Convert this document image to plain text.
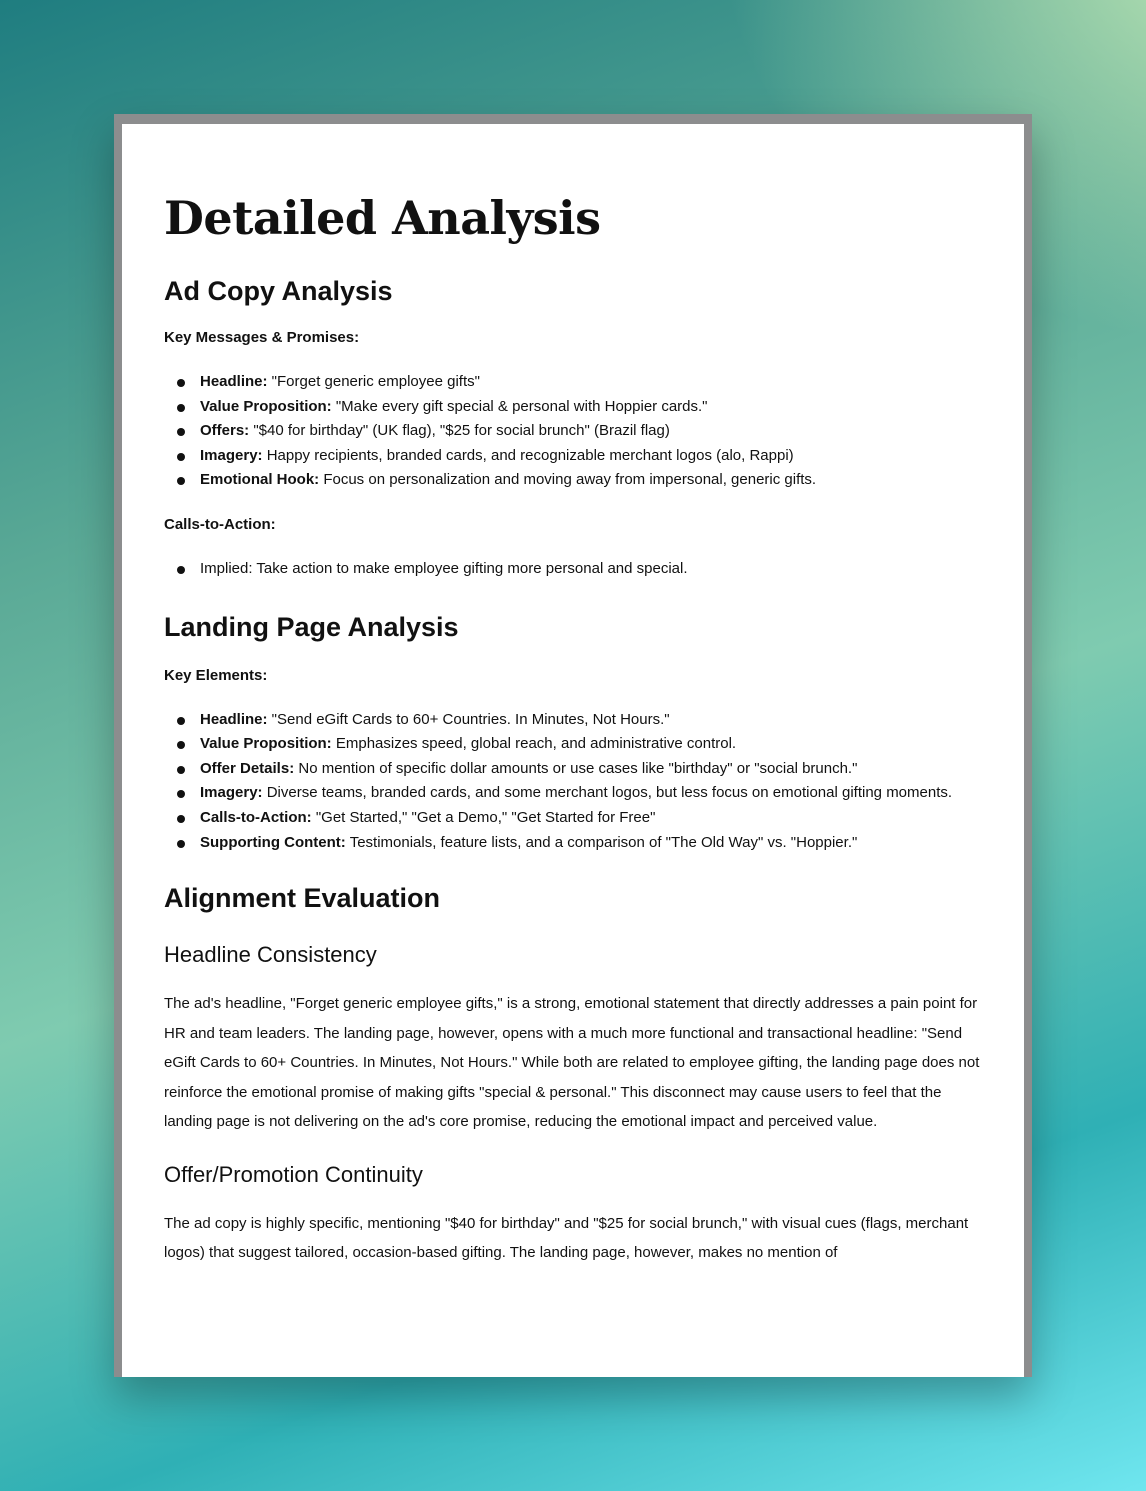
Detailed Analysis
Ad Copy Analysis
Key Messages & Promises:
Headline: "Forget generic employee gifts"
Value Proposition: "Make every gift special & personal with Hoppier cards."
Offers: "$40 for birthday" (UK flag), "$25 for social brunch" (Brazil flag)
Imagery: Happy recipients, branded cards, and recognizable merchant logos (alo, Rappi)
Emotional Hook: Focus on personalization and moving away from impersonal, generic gifts.
Calls-to-Action:
Implied: Take action to make employee gifting more personal and special.
Landing Page Analysis
Key Elements:
Headline: "Send eGift Cards to 60+ Countries. In Minutes, Not Hours."
Value Proposition: Emphasizes speed, global reach, and administrative control.
Offer Details: No mention of specific dollar amounts or use cases like "birthday" or "social brunch."
Imagery: Diverse teams, branded cards, and some merchant logos, but less focus on emotional gifting moments.
Calls-to-Action: "Get Started," "Get a Demo," "Get Started for Free"
Supporting Content: Testimonials, feature lists, and a comparison of "The Old Way" vs. "Hoppier."
Alignment Evaluation
Headline Consistency

The ad's headline, "Forget generic employee gifts," is a strong, emotional statement that directly addresses a pain point for HR and team leaders. The landing page, however, opens with a much more functional and transactional headline: "Send eGift Cards to 60+ Countries. In Minutes, Not Hours." While both are related to employee gifting, the landing page does not reinforce the emotional promise of making gifts "special & personal." This disconnect may cause users to feel that the landing page is not delivering on the ad's core promise, reducing the emotional impact and perceived value.

Offer/Promotion Continuity

The ad copy is highly specific, mentioning "$40 for birthday" and "$25 for social brunch," with visual cues (flags, merchant logos) that suggest tailored, occasion-based gifting. The landing page, however, makes no mention of
